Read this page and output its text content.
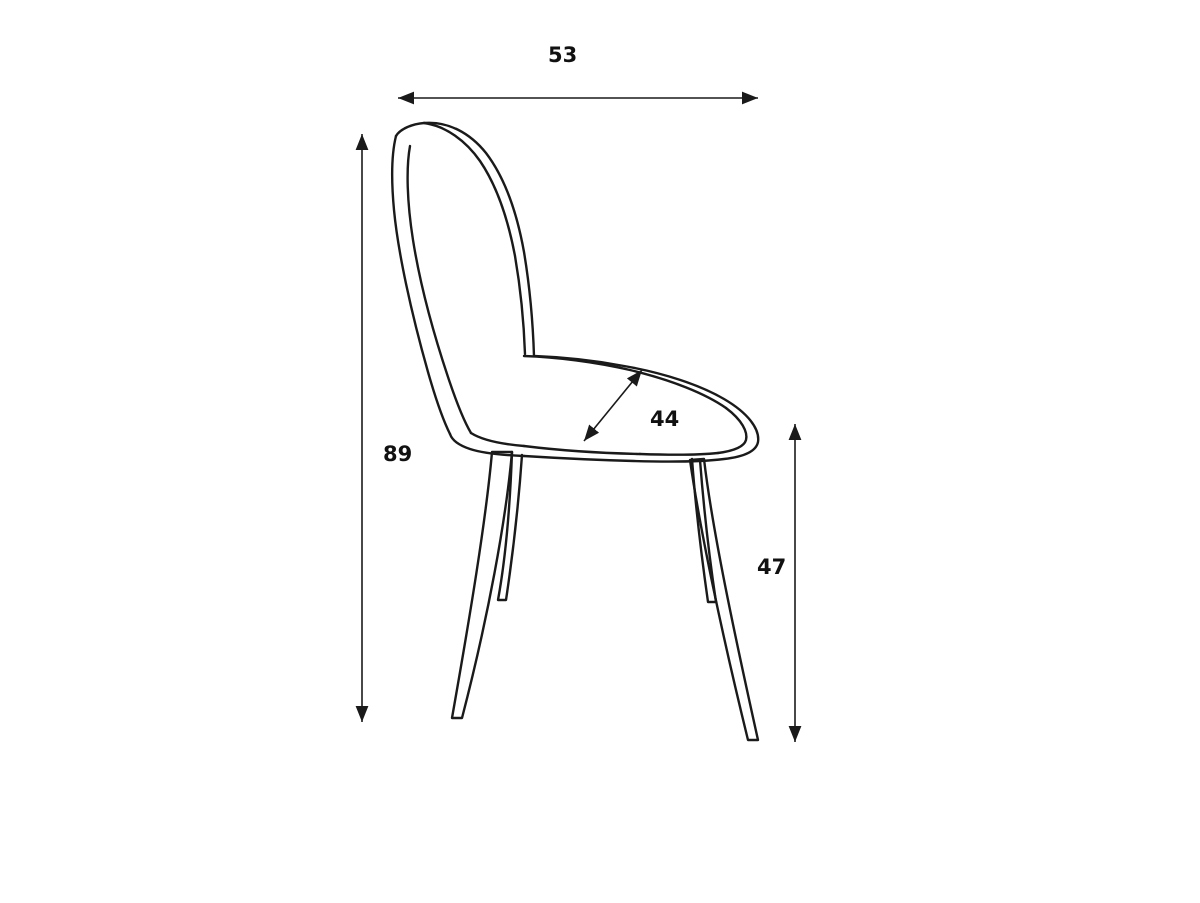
53
89
44
47
